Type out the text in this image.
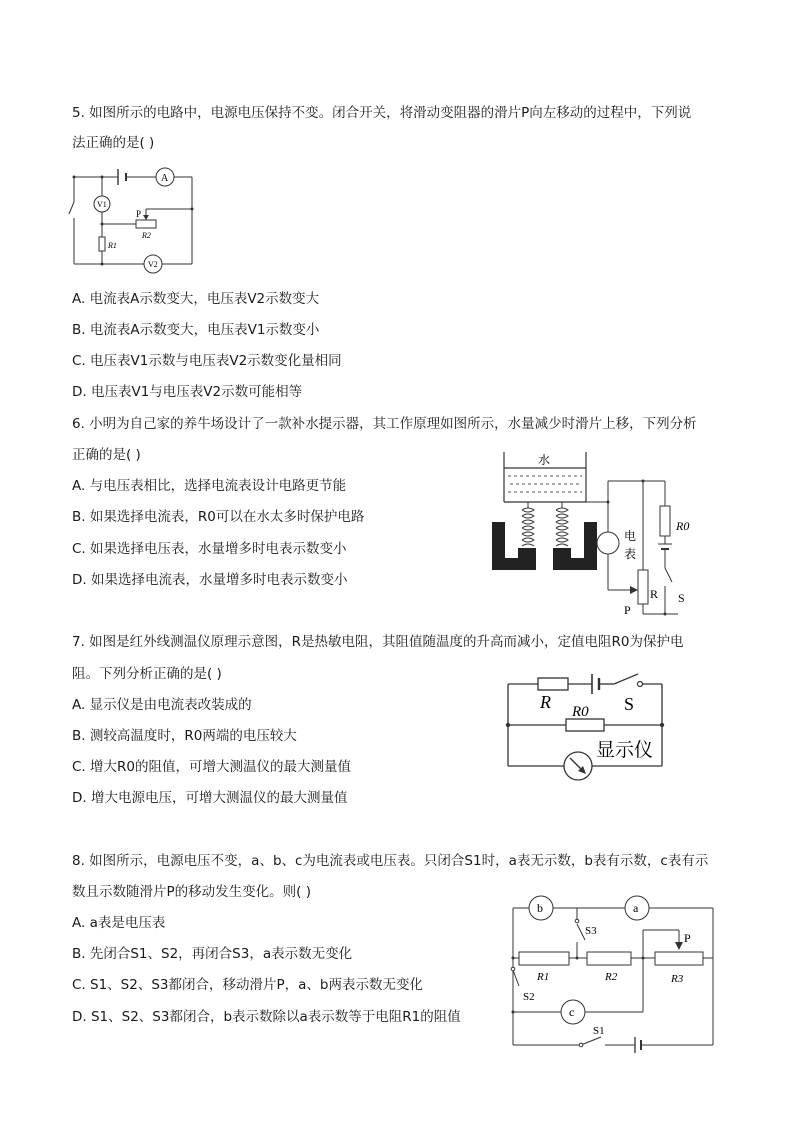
5. 如图所示的电路中，电源电压保持不变。闭合开关，将滑动变阻器的滑片P向左移动的过程中，下列说
法正确的是( )
A
V1
V2
P
R2
R1
A. 电流表A示数变大，电压表V2示数变大
B. 电流表A示数变大，电压表V1示数变小
C. 电压表V1示数与电压表V2示数变化量相同
D. 电压表V1与电压表V2示数可能相等
6. 小明为自己家的养牛场设计了一款补水提示器，其工作原理如图所示，水量减少时滑片上移，下列分析
正确的是( )	水
电
表
R0
R
P
S
A. 与电压表相比，选择电流表设计电路更节能
B. 如果选择电流表，R0可以在水太多时保护电路
C. 如果选择电压表，水量增多时电表示数变小
D. 如果选择电流表，水量增多时电表示数变小
7. 如图是红外线测温仪原理示意图，R是热敏电阻，其阻值随温度的升高而减小，定值电阻R0为保护电
阻。下列分析正确的是( )
R	S
R0
显示仪
A. 显示仪是由电流表改装成的
B. 测较高温度时，R0两端的电压较大
C. 增大R0的阻值，可增大测温仪的最大测量值
D. 增大电源电压，可增大测温仪的最大测量值
8. 如图所示，电源电压不变，a、b、c为电流表或电压表。只闭合S1时，a表无示数，b表有示数，c表有示
数且示数随滑片P的移动发生变化。则( )
b	a
c
S3
S2
S1
R1	R2	R3
P
A. a表是电压表
B. 先闭合S1、S2，再闭合S3，a表示数无变化
C. S1、S2、S3都闭合，移动滑片P，a、b两表示数无变化
D. S1、S2、S3都闭合，b表示数除以a表示数等于电阻R1的阻值
